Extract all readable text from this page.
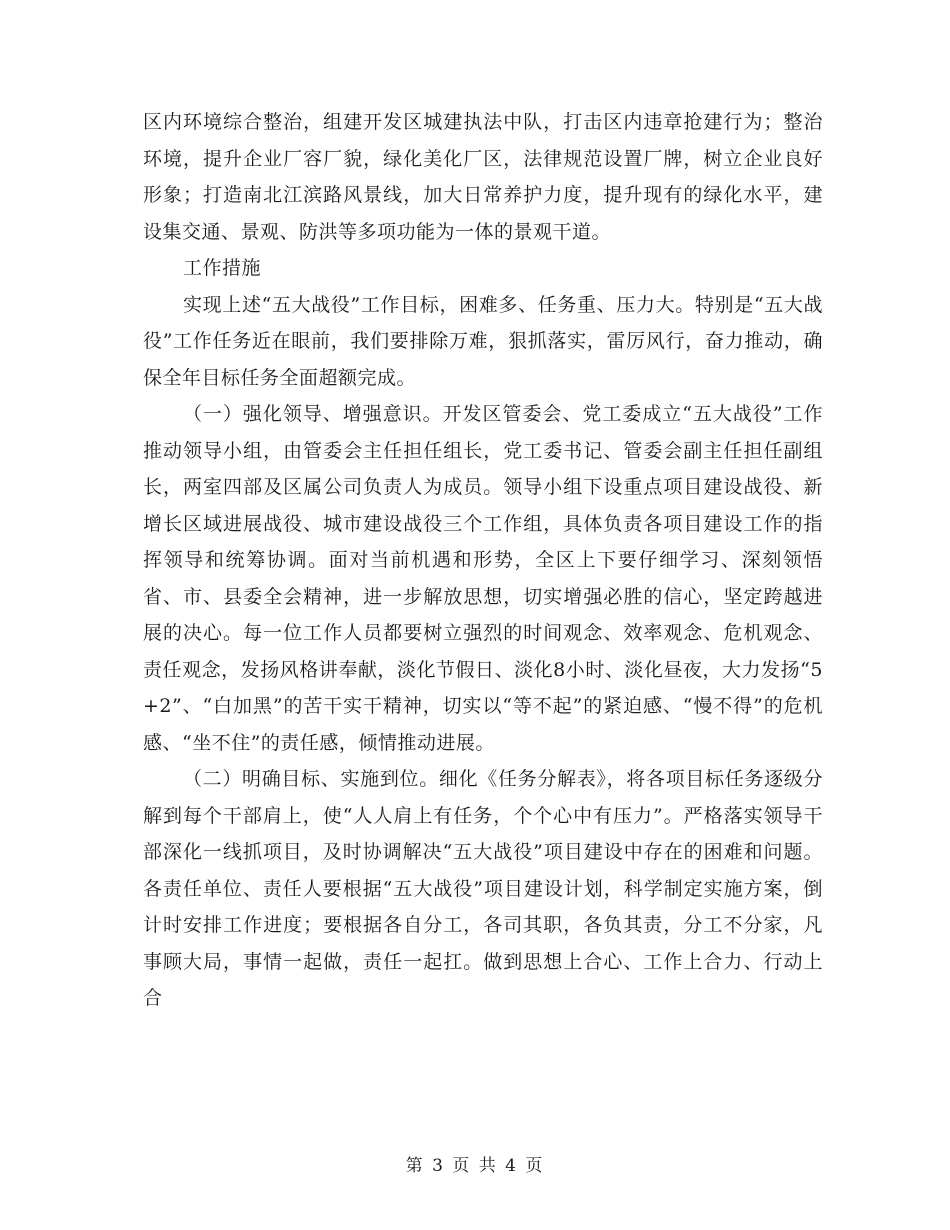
区内环境综合整治，组建开发区城建执法中队，打击区内违章抢建行为；整治环境，提升企业厂容厂貌，绿化美化厂区，法律规范设置厂牌，树立企业良好形象；打造南北江滨路风景线，加大日常养护力度，提升现有的绿化水平，建设集交通、景观、防洪等多项功能为一体的景观干道。

工作措施

实现上述“五大战役”工作目标，困难多、任务重、压力大。特别是“五大战役”工作任务近在眼前，我们要排除万难，狠抓落实，雷厉风行，奋力推动，确保全年目标任务全面超额完成。

（一）强化领导、增强意识。开发区管委会、党工委成立“五大战役”工作推动领导小组，由管委会主任担任组长，党工委书记、管委会副主任担任副组长，两室四部及区属公司负责人为成员。领导小组下设重点项目建设战役、新增长区域进展战役、城市建设战役三个工作组，具体负责各项目建设工作的指挥领导和统筹协调。面对当前机遇和形势，全区上下要仔细学习、深刻领悟省、市、县委全会精神，进一步解放思想，切实增强必胜的信心，坚定跨越进展的决心。每一位工作人员都要树立强烈的时间观念、效率观念、危机观念、责任观念，发扬风格讲奉献，淡化节假日、淡化8小时、淡化昼夜，大力发扬“5+2”、“白加黑”的苦干实干精神，切实以“等不起”的紧迫感、“慢不得”的危机感、“坐不住”的责任感，倾情推动进展。

（二）明确目标、实施到位。细化《任务分解表》，将各项目标任务逐级分解到每个干部肩上，使“人人肩上有任务，个个心中有压力”。严格落实领导干部深化一线抓项目，及时协调解决“五大战役”项目建设中存在的困难和问题。各责任单位、责任人要根据“五大战役”项目建设计划，科学制定实施方案，倒计时安排工作进度；要根据各自分工，各司其职，各负其责，分工不分家，凡事顾大局，事情一起做，责任一起扛。做到思想上合心、工作上合力、行动上合

第 3 页 共 4 页
